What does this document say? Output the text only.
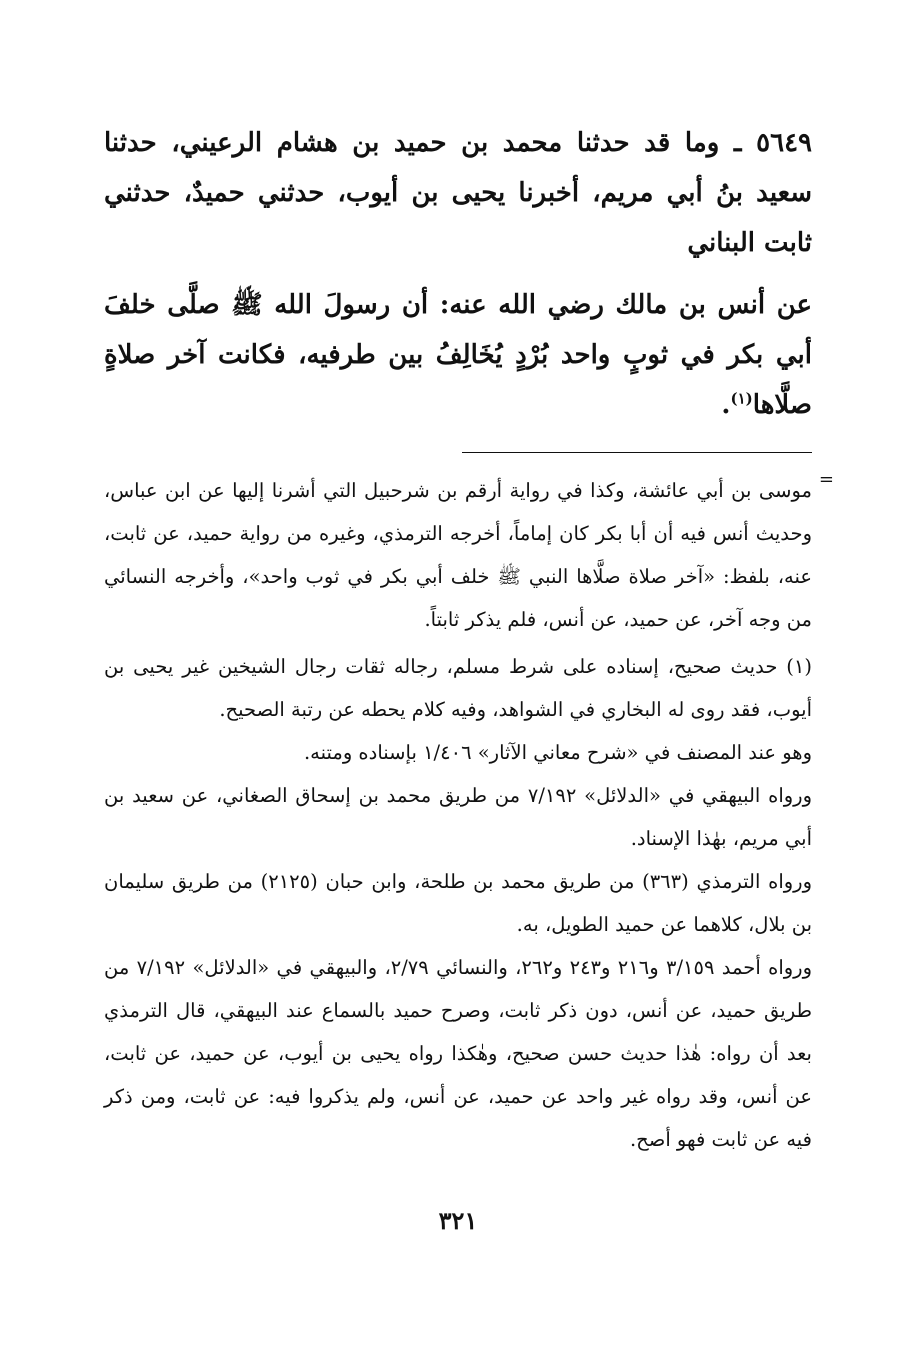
٥٦٤٩ ـ وما قد حدثنا محمد بن حميد بن هشام الرعيني، حدثنا سعيد بنُ أبي مريم، أخبرنا يحيى بن أيوب، حدثني حميدٌ، حدثني ثابت البناني

عن أنس بن مالك رضي الله عنه: أن رسولَ الله ﷺ صلَّى خلفَ أبي بكر في ثوبٍ واحد بُرْدٍ يُخَالِفُ بين طرفيه، فكانت آخر صلاةٍ صلَّاها$^{(١)}$.

=

موسى بن أبي عائشة، وكذا في رواية أرقم بن شرحبيل التي أشرنا إليها عن ابن عباس، وحديث أنس فيه أن أبا بكر كان إماماً، أخرجه الترمذي، وغيره من رواية حميد، عن ثابت، عنه، بلفظ: «آخر صلاة صلَّاها النبي ﷺ خلف أبي بكر في ثوب واحد»، وأخرجه النسائي من وجه آخر، عن حميد، عن أنس، فلم يذكر ثابتاً.

(١) حديث صحيح، إسناده على شرط مسلم، رجاله ثقات رجال الشيخين غير يحيى بن أيوب، فقد روى له البخاري في الشواهد، وفيه كلام يحطه عن رتبة الصحيح.

وهو عند المصنف في «شرح معاني الآثار» ١/٤٠٦ بإسناده ومتنه.

ورواه البيهقي في «الدلائل» ٧/١٩٢ من طريق محمد بن إسحاق الصغاني، عن سعيد بن أبي مريم، بهٰذا الإسناد.

ورواه الترمذي (٣٦٣) من طريق محمد بن طلحة، وابن حبان (٢١٢٥) من طريق سليمان بن بلال، كلاهما عن حميد الطويل، به.

ورواه أحمد ٣/١٥٩ و٢١٦ و٢٤٣ و٢٦٢، والنسائي ٢/٧٩، والبيهقي في «الدلائل» ٧/١٩٢ من طريق حميد، عن أنس، دون ذكر ثابت، وصرح حميد بالسماع عند البيهقي، قال الترمذي بعد أن رواه: هٰذا حديث حسن صحيح، وهٰكذا رواه يحيى بن أيوب، عن حميد، عن ثابت، عن أنس، وقد رواه غير واحد عن حميد، عن أنس، ولم يذكروا فيه: عن ثابت، ومن ذكر فيه عن ثابت فهو أصح.

٣٢١
